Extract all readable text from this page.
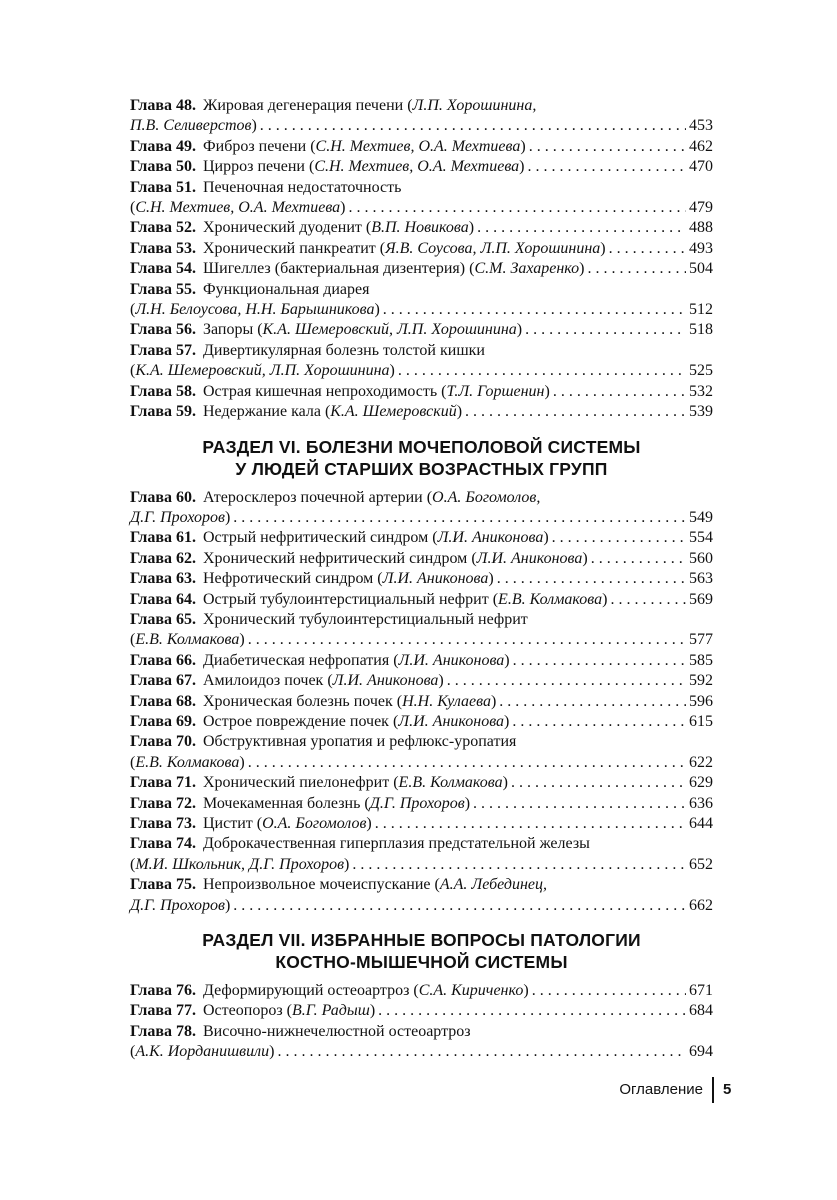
Глава 48. Жировая дегенерация печени ( Л.П. Хорошинина,
П.В. Селиверстов ) . . .	453
Глава 49. Фиброз печени
(С.Н. Мехтиев, О.А. Мехтиева) . . .	462
Глава 50. Цирроз печени
(С.Н. Мехтиев, О.А. Мехтиева) . . .	470
Глава 51. Печеночная недостаточность
(С.Н. Мехтиев, О.А. Мехтиева) . . .	479
Глава 52. Хронический дуоденит
(В.П. Новикова) . . .	488
Глава 53. Хронический панкреатит
(Я.В. Соусова, Л.П. Хорошинина) . . .	493
Глава 54. Шигеллез (бактериальная дизентерия)
(С.М. Захаренко) . . .	504
Глава 55. Функциональная диарея
(Л.Н. Белоусова, Н.Н. Барышникова) . . .	512
Глава 56. Запоры
(К.А. Шемеровский, Л.П. Хорошинина) . . .	518
Глава 57. Дивертикулярная болезнь толстой кишки
(К.А. Шемеровский, Л.П. Хорошинина) . . .	525
Глава 58. Острая кишечная непроходимость
(Т.Л. Горшенин) . . .	532
Глава 59. Недержание кала
(К.А. Шемеровский) . . .	539
РАЗДЕЛ VI. БОЛЕЗНИ МОЧЕПОЛОВОЙ СИСТЕМЫ
У ЛЮДЕЙ СТАРШИХ ВОЗРАСТНЫХ ГРУПП
Глава 60. Атеросклероз почечной артерии ( О.А. Богомолов,
Д.Г. Прохоров ) . . .	549
Глава 61. Острый нефритический синдром
(Л.И. Аниконова) . . .	554
Глава 62. Хронический нефритический синдром
(Л.И. Аниконова) . . .	560
Глава 63. Нефротический синдром
(Л.И. Аниконова) . . .	563
Глава 64. Острый тубулоинтерстициальный нефрит
(Е.В. Колмакова) . . .	569
Глава 65. Хронический тубулоинтерстициальный нефрит
(Е.В. Колмакова) . . .	577
Глава 66. Диабетическая нефропатия
(Л.И. Аниконова) . . .	585
Глава 67. Амилоидоз почек
(Л.И. Аниконова) . . .	592
Глава 68. Хроническая болезнь почек
(Н.Н. Кулаева) . . .	596
Глава 69. Острое повреждение почек
(Л.И. Аниконова) . . .	615
Глава 70. Обструктивная уропатия и рефлюкс-уропатия
(Е.В. Колмакова) . . .	622
Глава 71. Хронический пиелонефрит
(Е.В. Колмакова) . . .	629
Глава 72. Мочекаменная болезнь
(Д.Г. Прохоров) . . .	636
Глава 73. Цистит
(О.А. Богомолов) . . .	644
Глава 74. Доброкачественная гиперплазия предстательной железы
(М.И. Школьник, Д.Г. Прохоров) . . .	652
Глава 75. Непроизвольное мочеиспускание ( А.А. Лебединец,
Д.Г. Прохоров ) . . .	662
РАЗДЕЛ VII. ИЗБРАННЫЕ ВОПРОСЫ ПАТОЛОГИИ
КОСТНО-МЫШЕЧНОЙ СИСТЕМЫ
Глава 76. Деформирующий остеоартроз
(С.А. Кириченко) . . .	671
Глава 77. Остеопороз
(В.Г. Радыш) . . .	684
Глава 78. Височно-нижнечелюстной остеоартроз
(А.К. Иорданишвили) . . .	694
Оглавление 5
